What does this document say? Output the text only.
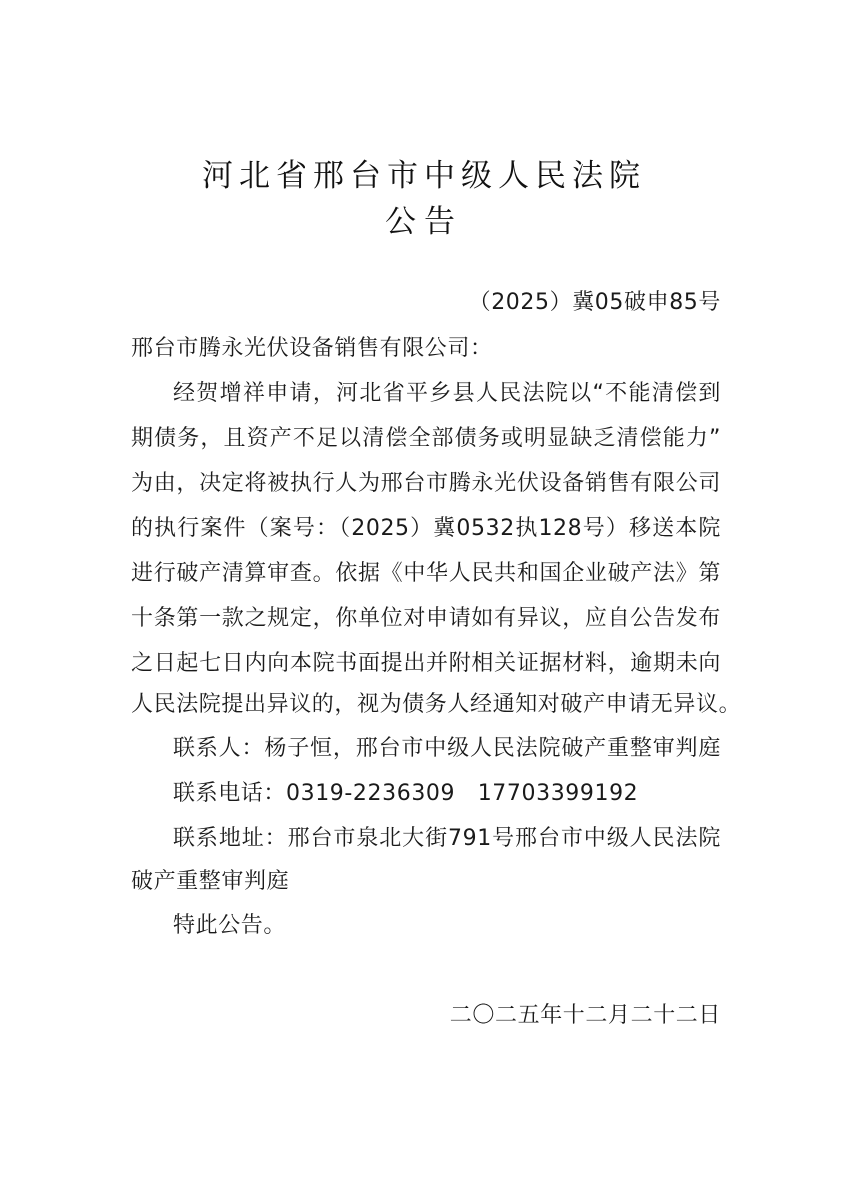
河北省邢台市中级人民法院
公告
（2025）冀05破申85号
邢台市腾永光伏设备销售有限公司：
经贺增祥申请，河北省平乡县人民法院以“不能清偿到
期债务，且资产不足以清偿全部债务或明显缺乏清偿能力”
为由，决定将被执行人为邢台市腾永光伏设备销售有限公司
的执行案件（案号：（2025）冀0532执128号）移送本院
进行破产清算审查。依据《中华人民共和国企业破产法》第
十条第一款之规定，你单位对申请如有异议，应自公告发布
之日起七日内向本院书面提出并附相关证据材料，逾期未向
人民法院提出异议的，视为债务人经通知对破产申请无异议。
联系人：杨子恒，邢台市中级人民法院破产重整审判庭
联系电话：0319-2236309　17703399192
联系地址：邢台市泉北大街791号邢台市中级人民法院
破产重整审判庭
特此公告。
二〇二五年十二月二十二日
